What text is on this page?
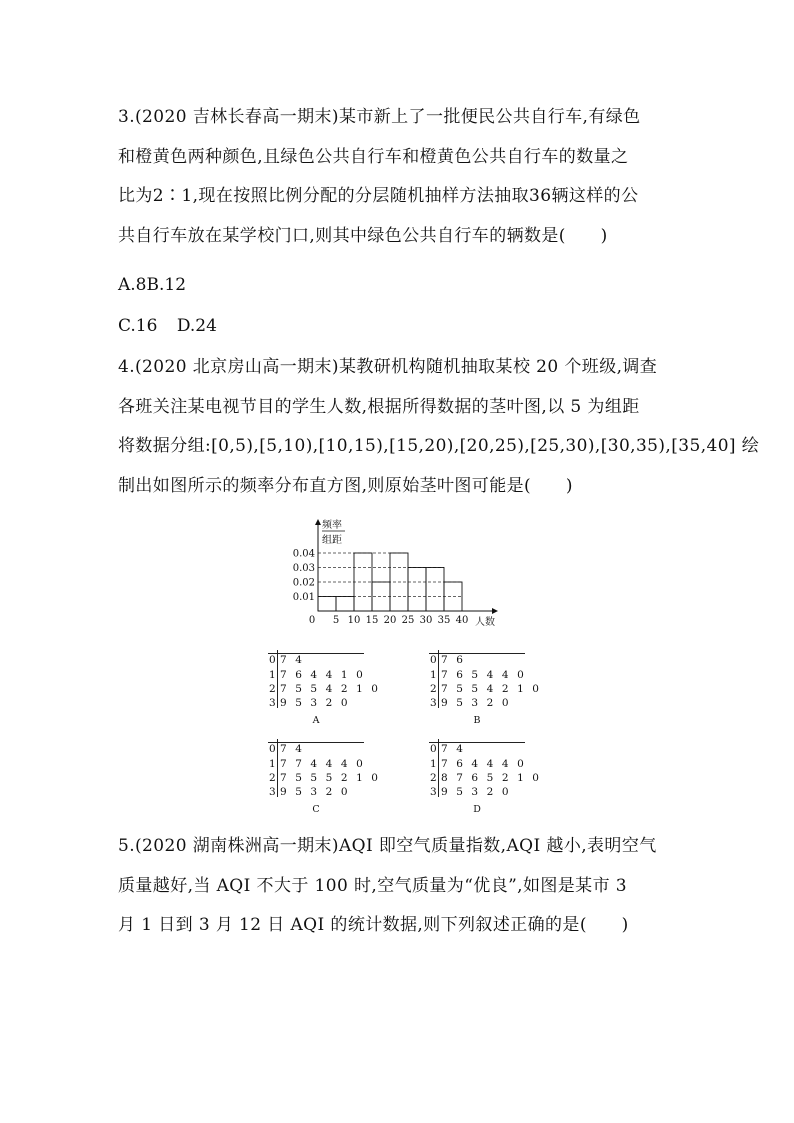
3.(2020 吉林长春高一期末)某市新上了一批便民公共自行车,有绿色
和橙黄色两种颜色,且绿色公共自行车和橙黄色公共自行车的数量之
比为2∶1,现在按照比例分配的分层随机抽样方法抽取36辆这样的公
共自行车放在某学校门口,则其中绿色公共自行车的辆数是(　　)
A.8B.12
C.16 D.24
4.(2020 北京房山高一期末)某教研机构随机抽取某校 20 个班级,调查
各班关注某电视节目的学生人数,根据所得数据的茎叶图,以 5 为组距
将数据分组:[0,5),[5,10),[10,15),[15,20),[20,25),[25,30),[30,35),[35,40] 绘
制出如图所示的频率分布直方图,则原始茎叶图可能是(　　)
频率
组距
人数
0.04
0.03
0.02
0.01
0 5 10 15 20 25 30 35 40
0 7 4
1 7 6 4 4 1 0
2 7 5 5 4 2 1 0
3 9 5 3 2 0
A
0 7 6
1 7 6 5 4 4 0
2 7 5 5 4 2 1 0
3 9 5 3 2 0
B
0 7 4
1 7 7 4 4 4 0
2 7 5 5 5 2 1 0
3 9 5 3 2 0
C
0 7 4
1 7 6 4 4 4 0
2 8 7 6 5 2 1 0
3 9 5 3 2 0
D
5.(2020 湖南株洲高一期末)AQI 即空气质量指数,AQI 越小,表明空气
质量越好,当 AQI 不大于 100 时,空气质量为“优良”,如图是某市 3
月 1 日到 3 月 12 日 AQI 的统计数据,则下列叙述正确的是(　　)
